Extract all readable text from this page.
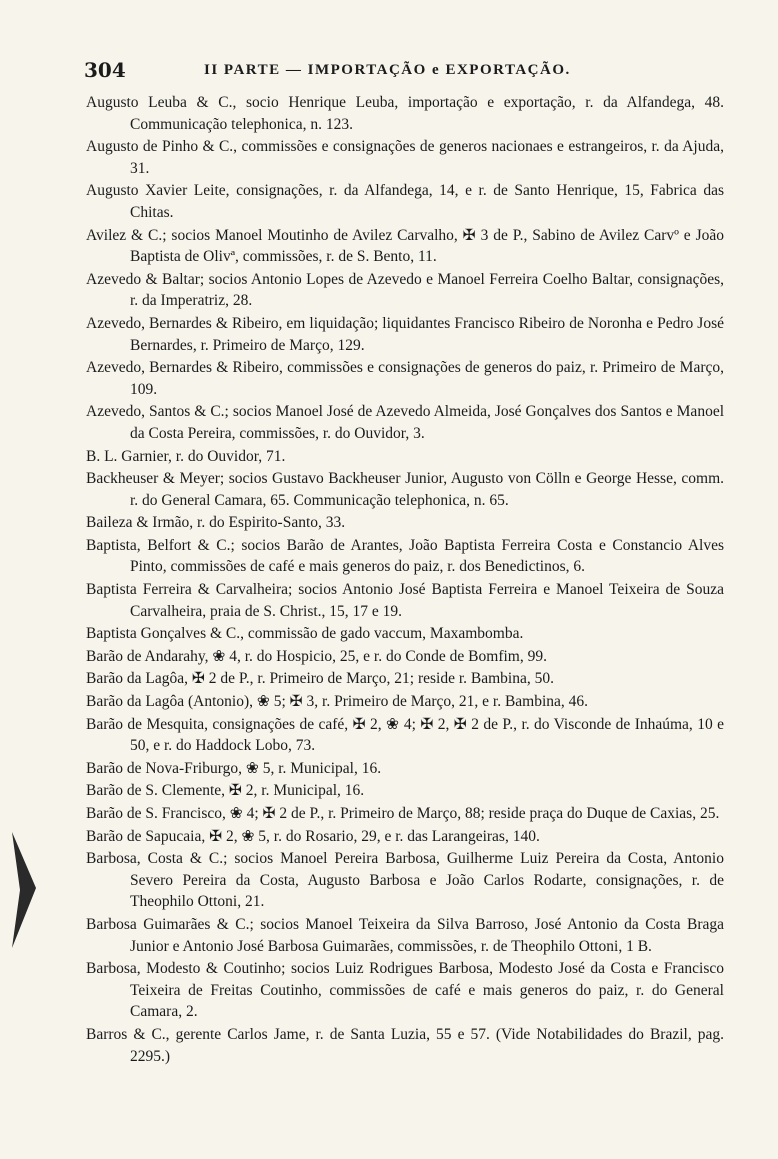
304	II PARTE — IMPORTAÇÃO e EXPORTAÇÃO.

Augusto Leuba & C., socio Henrique Leuba, importação e exportação, r. da Alfandega, 48. Communicação telephonica, n. 123.

Augusto de Pinho & C., commissões e consignações de generos nacionaes e estrangeiros, r. da Ajuda, 31.

Augusto Xavier Leite, consignações, r. da Alfandega, 14, e r. de Santo Henrique, 15, Fabrica das Chitas.

Avilez & C.; socios Manoel Moutinho de Avilez Carvalho, ✠ 3 de P., Sabino de Avilez Carvº e João Baptista de Olivª, commissões, r. de S. Bento, 11.

Azevedo & Baltar; socios Antonio Lopes de Azevedo e Manoel Ferreira Coelho Baltar, consignações, r. da Imperatriz, 28.

Azevedo, Bernardes & Ribeiro, em liquidação; liquidantes Francisco Ribeiro de Noronha e Pedro José Bernardes, r. Primeiro de Março, 129.

Azevedo, Bernardes & Ribeiro, commissões e consignações de generos do paiz, r. Primeiro de Março, 109.

Azevedo, Santos & C.; socios Manoel José de Azevedo Almeida, José Gonçalves dos Santos e Manoel da Costa Pereira, commissões, r. do Ouvidor, 3.

B. L. Garnier, r. do Ouvidor, 71.

Backheuser & Meyer; socios Gustavo Backheuser Junior, Augusto von Cölln e George Hesse, comm. r. do General Camara, 65. Communicação telephonica, n. 65.

Baileza & Irmão, r. do Espirito-Santo, 33.

Baptista, Belfort & C.; socios Barão de Arantes, João Baptista Ferreira Costa e Constancio Alves Pinto, commissões de café e mais generos do paiz, r. dos Benedictinos, 6.

Baptista Ferreira & Carvalheira; socios Antonio José Baptista Ferreira e Manoel Teixeira de Souza Carvalheira, praia de S. Christ., 15, 17 e 19.

Baptista Gonçalves & C., commissão de gado vaccum, Maxambomba.

Barão de Andarahy, ❀ 4, r. do Hospicio, 25, e r. do Conde de Bomfim, 99.

Barão da Lagôa, ✠ 2 de P., r. Primeiro de Março, 21; reside r. Bambina, 50.

Barão da Lagôa (Antonio), ❀ 5; ✠ 3, r. Primeiro de Março, 21, e r. Bambina, 46.

Barão de Mesquita, consignações de café, ✠ 2, ❀ 4; ✠ 2, ✠ 2 de P., r. do Visconde de Inhaúma, 10 e 50, e r. do Haddock Lobo, 73.

Barão de Nova-Friburgo, ❀ 5, r. Municipal, 16.

Barão de S. Clemente, ✠ 2, r. Municipal, 16.

Barão de S. Francisco, ❀ 4; ✠ 2 de P., r. Primeiro de Março, 88; reside praça do Duque de Caxias, 25.

Barão de Sapucaia, ✠ 2, ❀ 5, r. do Rosario, 29, e r. das Larangeiras, 140.

Barbosa, Costa & C.; socios Manoel Pereira Barbosa, Guilherme Luiz Pereira da Costa, Antonio Severo Pereira da Costa, Augusto Barbosa e João Carlos Rodarte, consignações, r. de Theophilo Ottoni, 21.

Barbosa Guimarães & C.; socios Manoel Teixeira da Silva Barroso, José Antonio da Costa Braga Junior e Antonio José Barbosa Guimarães, commissões, r. de Theophilo Ottoni, 1 B.

Barbosa, Modesto & Coutinho; socios Luiz Rodrigues Barbosa, Modesto José da Costa e Francisco Teixeira de Freitas Coutinho, commissões de café e mais generos do paiz, r. do General Camara, 2.

Barros & C., gerente Carlos Jame, r. de Santa Luzia, 55 e 57. (Vide Notabilidades do Brazil, pag. 2295.)
